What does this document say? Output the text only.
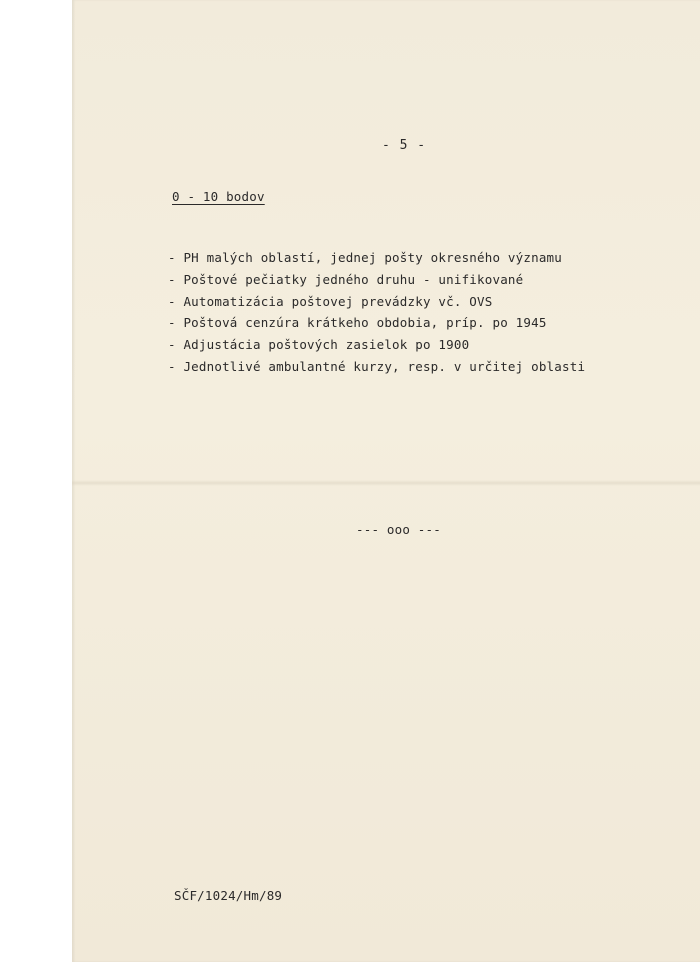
- 5 -
0 - 10 bodov
- PH malých oblastí, jednej pošty okresného významu
- Poštové pečiatky jedného druhu - unifikované
- Automatizácia poštovej prevádzky vč. OVS
- Poštová cenzúra krátkeho obdobia, príp. po 1945
- Adjustácia poštových zasielok po 1900
- Jednotlivé ambulantné kurzy, resp. v určitej oblasti
--- ooo ---
SČF/1024/Hm/89
